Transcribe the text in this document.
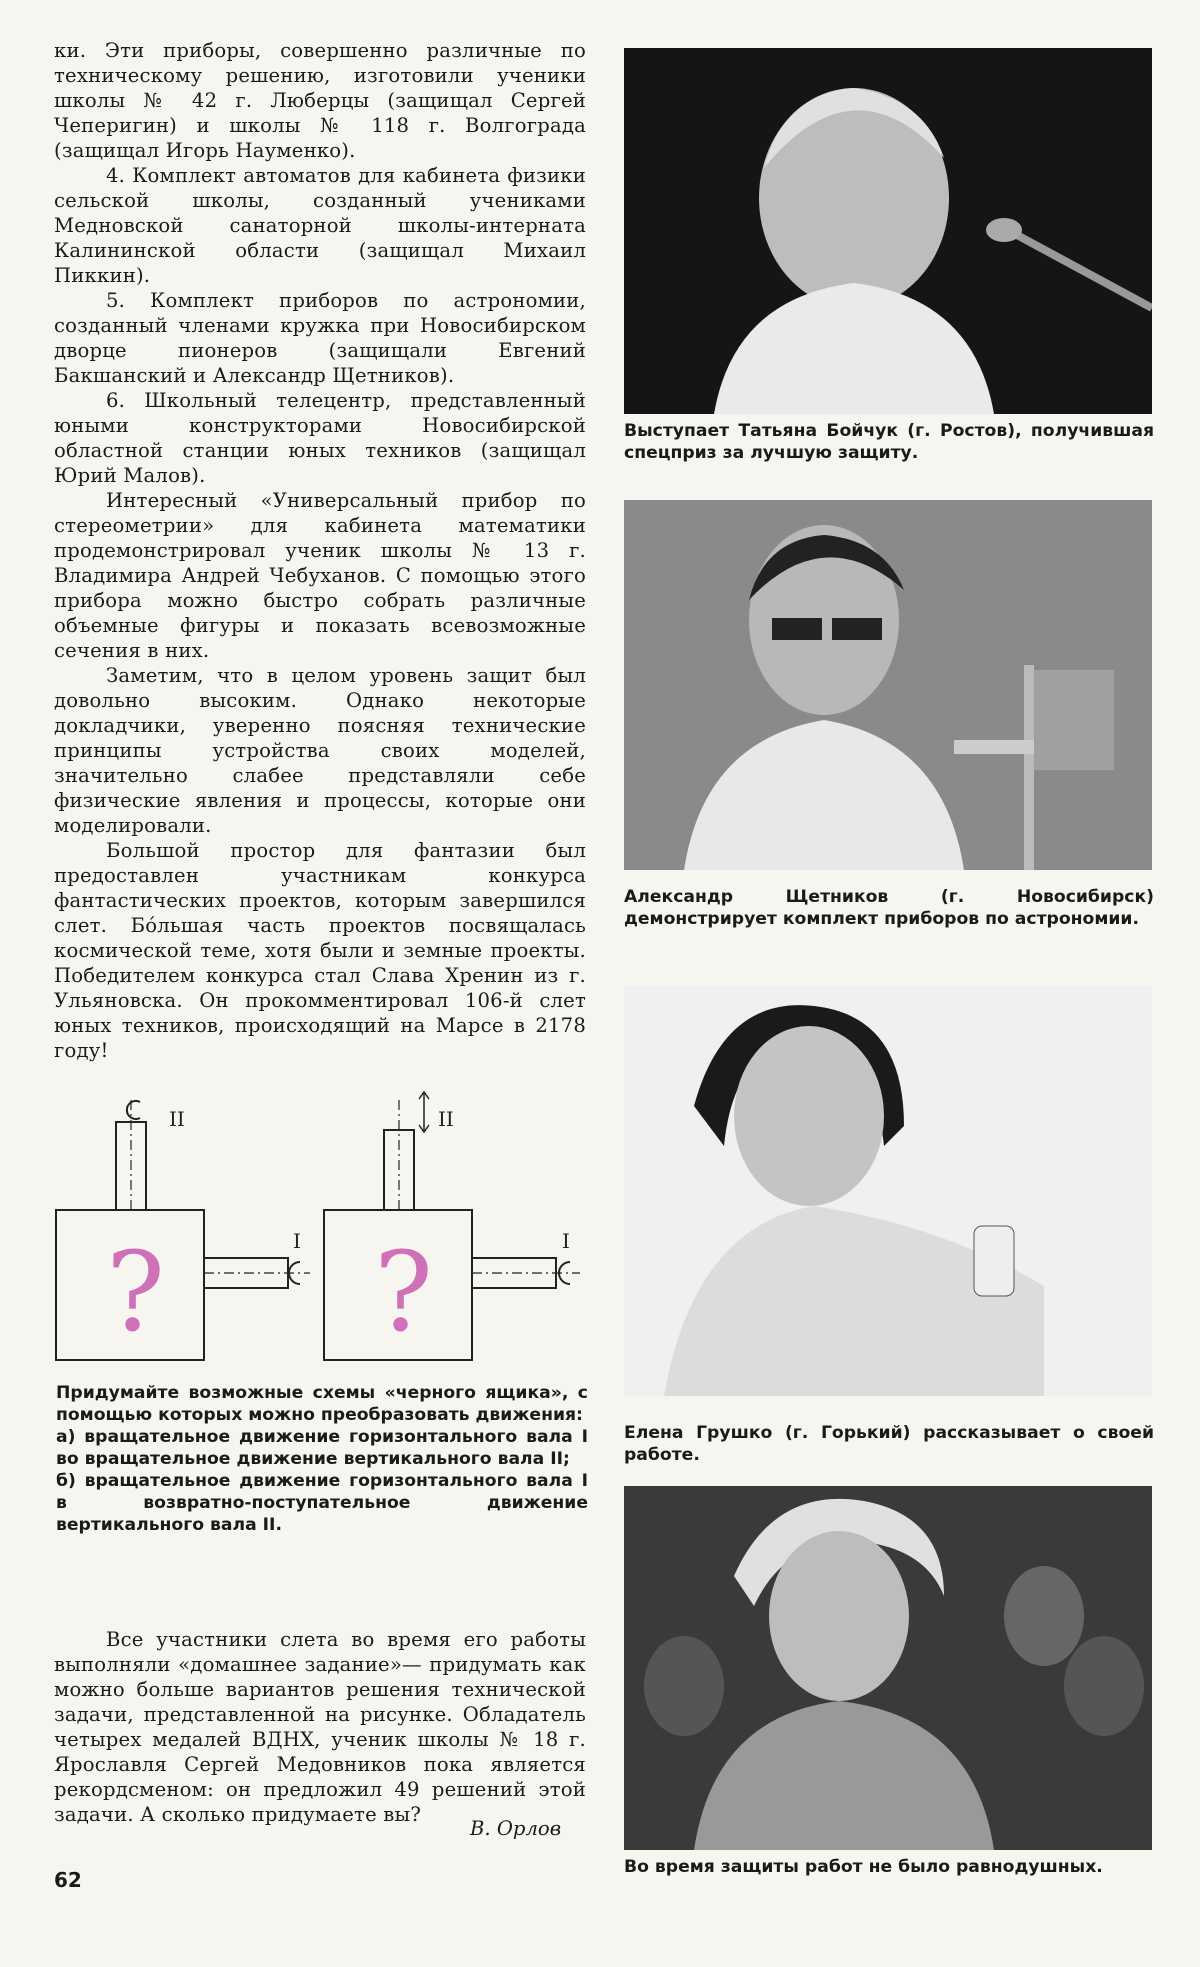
ки. Эти приборы, совершенно различные по техническому решению, изготовили ученики школы № 42 г. Люберцы (защищал Сергей Чеперигин) и школы № 118 г. Волгограда (защищал Игорь Науменко).

4. Комплект автоматов для кабинета физики сельской школы, созданный учениками Медновской санаторной школы-интерната Калининской области (защищал Михаил Пиккин).

5. Комплект приборов по астрономии, созданный членами кружка при Новосибирском дворце пионеров (защищали Евгений Бакшанский и Александр Щетников).

6. Школьный телецентр, представленный юными конструкторами Новосибирской областной станции юных техников (защищал Юрий Малов).

Интересный «Универсальный прибор по стереометрии» для кабинета математики продемонстрировал ученик школы № 13 г. Владимира Андрей Чебуханов. С помощью этого прибора можно быстро собрать различные объемные фигуры и показать всевозможные сечения в них.

Заметим, что в целом уровень защит был довольно высоким. Однако некоторые докладчики, уверенно поясняя технические принципы устройства своих моделей, значительно слабее представляли себе физические явления и процессы, которые они моделировали.

Большой простор для фантазии был предоставлен участникам конкурса фантастических проектов, которым завершился слет. Бóльшая часть проектов посвящалась космической теме, хотя были и земные проекты. Победителем конкурса стал Слава Хренин из г. Ульяновска. Он прокомментировал 106-й слет юных техников, происходящий на Марсе в 2178 году!

II
I
II
I
? ?

Придумайте возможные схемы «черного ящика», с помощью которых можно преобразовать движения:

а) вращательное движение горизонтального вала I во вращательное движение вертикального вала II;

б) вращательное движение горизонтального вала I в возвратно-поступательное движение вертикального вала II.

Все участники слета во время его работы выполняли «домашнее задание»— придумать как можно больше вариантов решения технической задачи, представленной на рисунке. Обладатель четырех медалей ВДНХ, ученик школы № 18 г. Ярославля Сергей Медовников пока является рекордсменом: он предложил 49 решений этой задачи. А сколько придумаете вы?

В. Орлов
62
Выступает Татьяна Бойчук (г. Ростов), получившая спецприз за лучшую защиту.
Александр Щетников (г. Новосибирск) демонстрирует комплект приборов по астрономии.
Елена Грушко (г. Горький) рассказывает о своей работе.
Во время защиты работ не было равнодушных.
